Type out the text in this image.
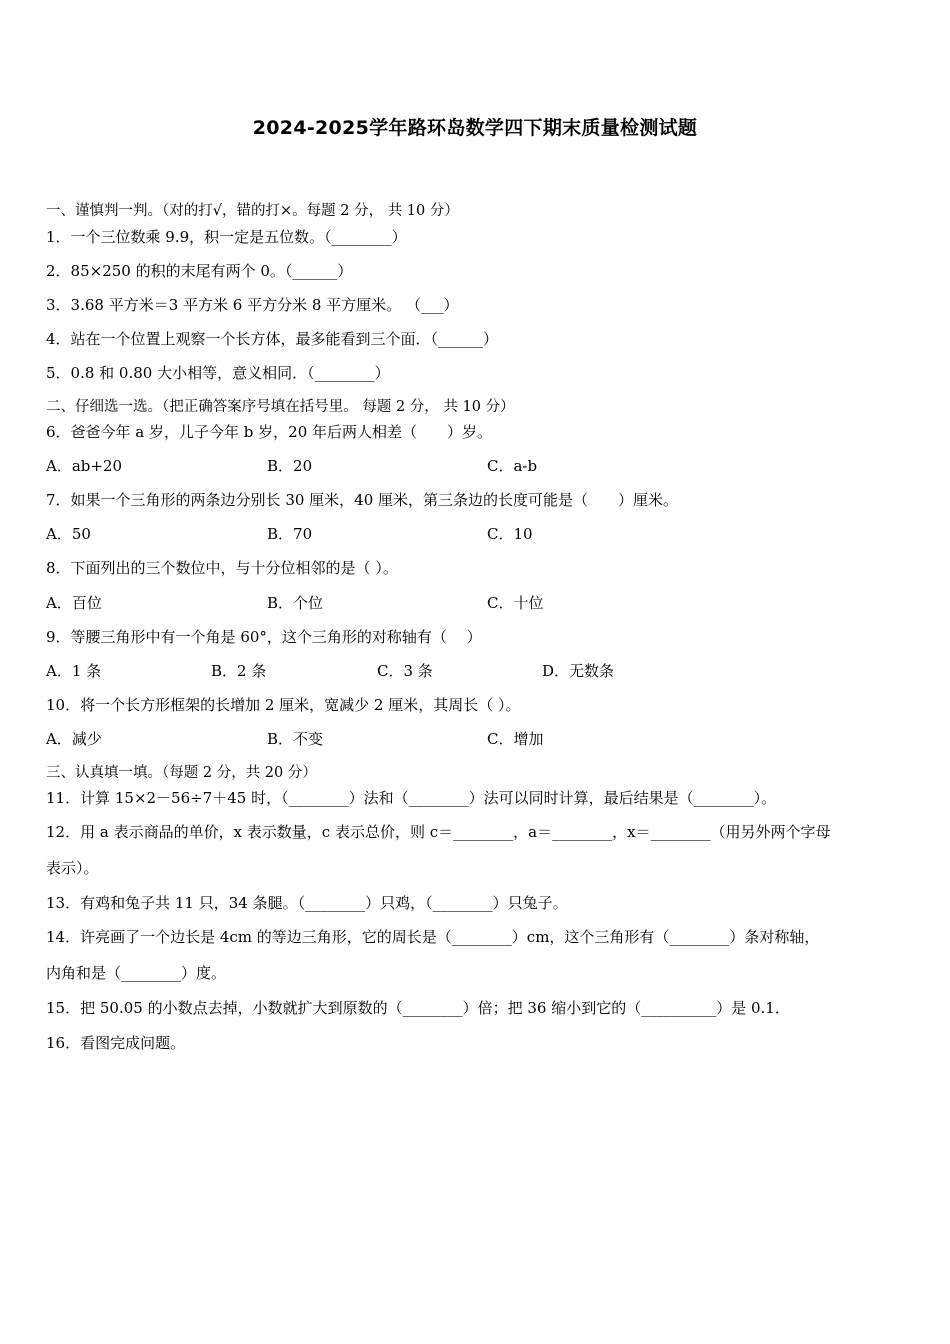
2024-2025学年路环岛数学四下期末质量检测试题
一、谨慎判一判。（对的打√，错的打×。每题 2 分， 共 10 分）
1．一个三位数乘 9.9，积一定是五位数。（________）
2．85×250 的积的末尾有两个 0。（______）
3．3.68 平方米＝3 平方米 6 平方分米 8 平方厘米。 （___）
4．站在一个位置上观察一个长方体，最多能看到三个面．（______）
5．0.8 和 0.80 大小相等，意义相同．（________）
二、仔细选一选。（把正确答案序号填在括号里。 每题 2 分， 共 10 分）
6．爸爸今年 a 岁，儿子今年 b 岁，20 年后两人相差（　　）岁。
A．ab+20	B．20	C．a-b
7．如果一个三角形的两条边分别长 30 厘米，40 厘米，第三条边的长度可能是（　　）厘米。
A．50	B．70	C．10
8．下面列出的三个数位中，与十分位相邻的是（ ）。
A．百位	B．个位	C．十位
9．等腰三角形中有一个角是 60°，这个三角形的对称轴有（　 ）
A．1 条	B．2 条	C．3 条	D．无数条
10．将一个长方形框架的长增加 2 厘米，宽减少 2 厘米，其周长（ ）。
A．减少	B．不变	C．增加
三、认真填一填。（每题 2 分，共 20 分）
11．计算 15×2－56÷7＋45 时，（________）法和（________）法可以同时计算，最后结果是（________）。
12．用 a 表示商品的单价，x 表示数量，c 表示总价，则 c＝________，a＝________，x＝________（用另外两个字母
表示）。
13．有鸡和兔子共 11 只，34 条腿。（________）只鸡，（________）只兔子。
14．许亮画了一个边长是 4cm 的等边三角形，它的周长是（________）cm，这个三角形有（________）条对称轴，
内角和是（________）度。
15．把 50.05 的小数点去掉，小数就扩大到原数的（________）倍；把 36 缩小到它的（__________）是 0.1．
16．看图完成问题。
